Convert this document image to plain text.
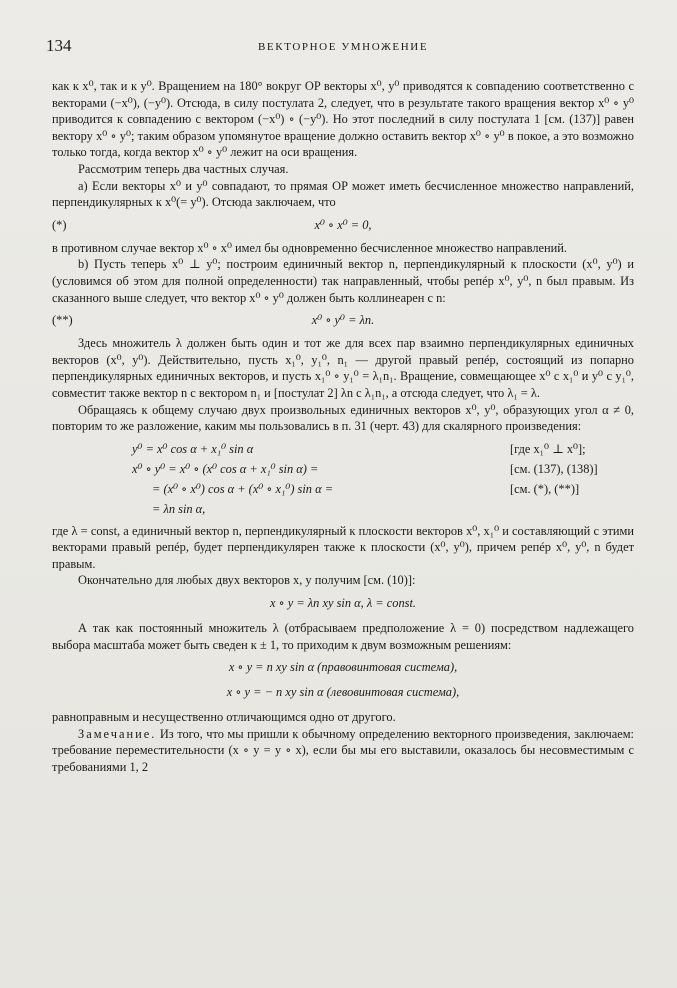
134	ВЕКТОРНОЕ УМНОЖЕНИЕ

как к x⁰, так и к y⁰. Вращением на 180° вокруг OP векторы x⁰, y⁰ приводятся к совпадению соответственно с векторами (−x⁰), (−y⁰). Отсюда, в силу постулата 2, следует, что в результате такого вращения вектор x⁰ ∘ y⁰ приводится к совпадению с вектором (−x⁰) ∘ (−y⁰). Но этот последний в силу постулата 1 [см. (137)] равен вектору x⁰ ∘ y⁰; таким образом упомянутое вращение должно оставить вектор x⁰ ∘ y⁰ в покое, а это возможно только тогда, когда вектор x⁰ ∘ y⁰ лежит на оси вращения.

Рассмотрим теперь два частных случая.

a) Если векторы x⁰ и y⁰ совпадают, то прямая OP может иметь бесчисленное множество направлений, перпендикулярных к x⁰(= y⁰). Отсюда заключаем, что

(*)	x⁰ ∘ x⁰ = 0,

в противном случае вектор x⁰ ∘ x⁰ имел бы одновременно бесчисленное множество направлений.

b) Пусть теперь x⁰ ⊥ y⁰; построим единичный вектор n, перпендикулярный к плоскости (x⁰, y⁰) и (условимся об этом для полной определенности) так направленный, чтобы репéр x⁰, y⁰, n был правым. Из сказанного выше следует, что вектор x⁰ ∘ y⁰ должен быть коллинеарен с n:

(**)	x⁰ ∘ y⁰ = λn.

Здесь множитель λ должен быть один и тот же для всех пар взаимно перпендикулярных единичных векторов (x⁰, y⁰). Действительно, пусть x₁⁰, y₁⁰, n₁ — другой правый репéр, состоящий из попарно перпендикулярных единичных векторов, и пусть x₁⁰ ∘ y₁⁰ = λ₁n₁. Вращение, совмещающее x⁰ с x₁⁰ и y⁰ с y₁⁰, совместит также вектор n с вектором n₁ и [постулат 2] λn с λ₁n₁, а отсюда следует, что λ₁ = λ.

Обращаясь к общему случаю двух произвольных единичных векторов x⁰, y⁰, образующих угол α ≠ 0, повторим то же разложение, каким мы пользовались в п. 31 (черт. 43) для скалярного произведения:

y⁰ = x⁰ cos α + x₁⁰ sin α	[где x₁⁰ ⊥ x⁰];
x⁰ ∘ y⁰ = x⁰ ∘ (x⁰ cos α + x₁⁰ sin α) =	[см. (137), (138)]
= (x⁰ ∘ x⁰) cos α + (x⁰ ∘ x₁⁰) sin α =	[см. (*), (**)]
= λn sin α,

где λ = const, а единичный вектор n, перпендикулярный к плоскости векторов x⁰, x₁⁰ и составляющий с этими векторами правый репéр, будет перпендикулярен также к плоскости (x⁰, y⁰), причем репéр x⁰, y⁰, n будет правым.

Окончательно для любых двух векторов x, y получим [см. (10)]:

x ∘ y = λn xy sin α, λ = const.

А так как постоянный множитель λ (отбрасываем предположение λ = 0) посредством надлежащего выбора масштаба может быть сведен к ± 1, то приходим к двум возможным решениям:

x ∘ y = n xy sin α (правовинтовая система),
x ∘ y = − n xy sin α (левовинтовая система),

равноправным и несущественно отличающимся одно от другого.

Замечание. Из того, что мы пришли к обычному определению векторного произведения, заключаем: требование переместительности (x ∘ y = y ∘ x), если бы мы его выставили, оказалось бы несовместимым с требованиями 1, 2
